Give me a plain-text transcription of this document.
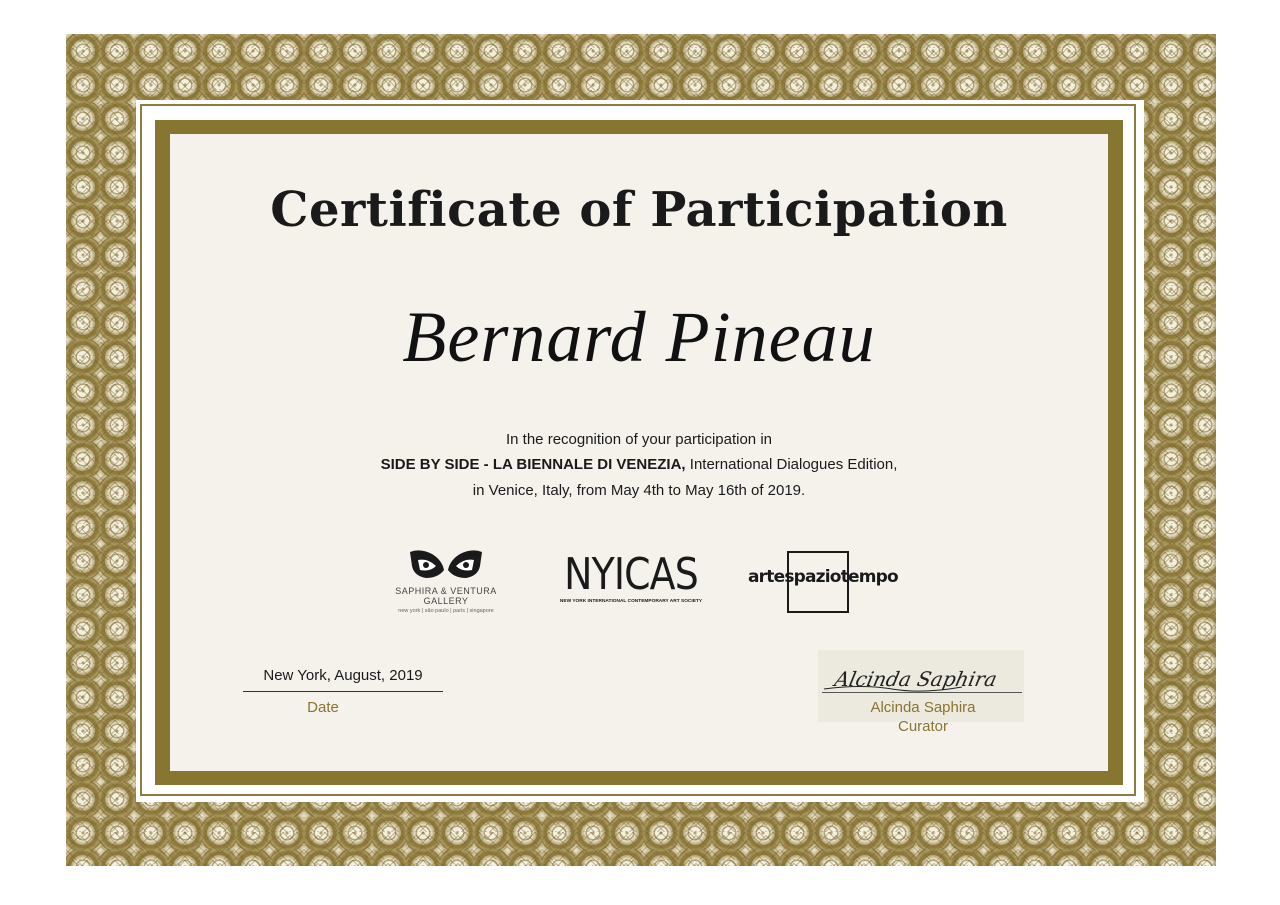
Certificate of Participation
Bernard Pineau
In the recognition of your participation in
SIDE BY SIDE - LA BIENNALE DI VENEZIA, International Dialogues Edition,
in Venice, Italy, from May 4th to May 16th of 2019.
SAPHIRA & VENTURA GALLERY
new york | são paulo | paris | singapore
NYICAS
NEW YORK INTERNATIONAL CONTEMPORARY ART SOCIETY
artespaziotempo
New York, August, 2019
Date
Alcinda Saphira
Alcinda Saphira
Curator
